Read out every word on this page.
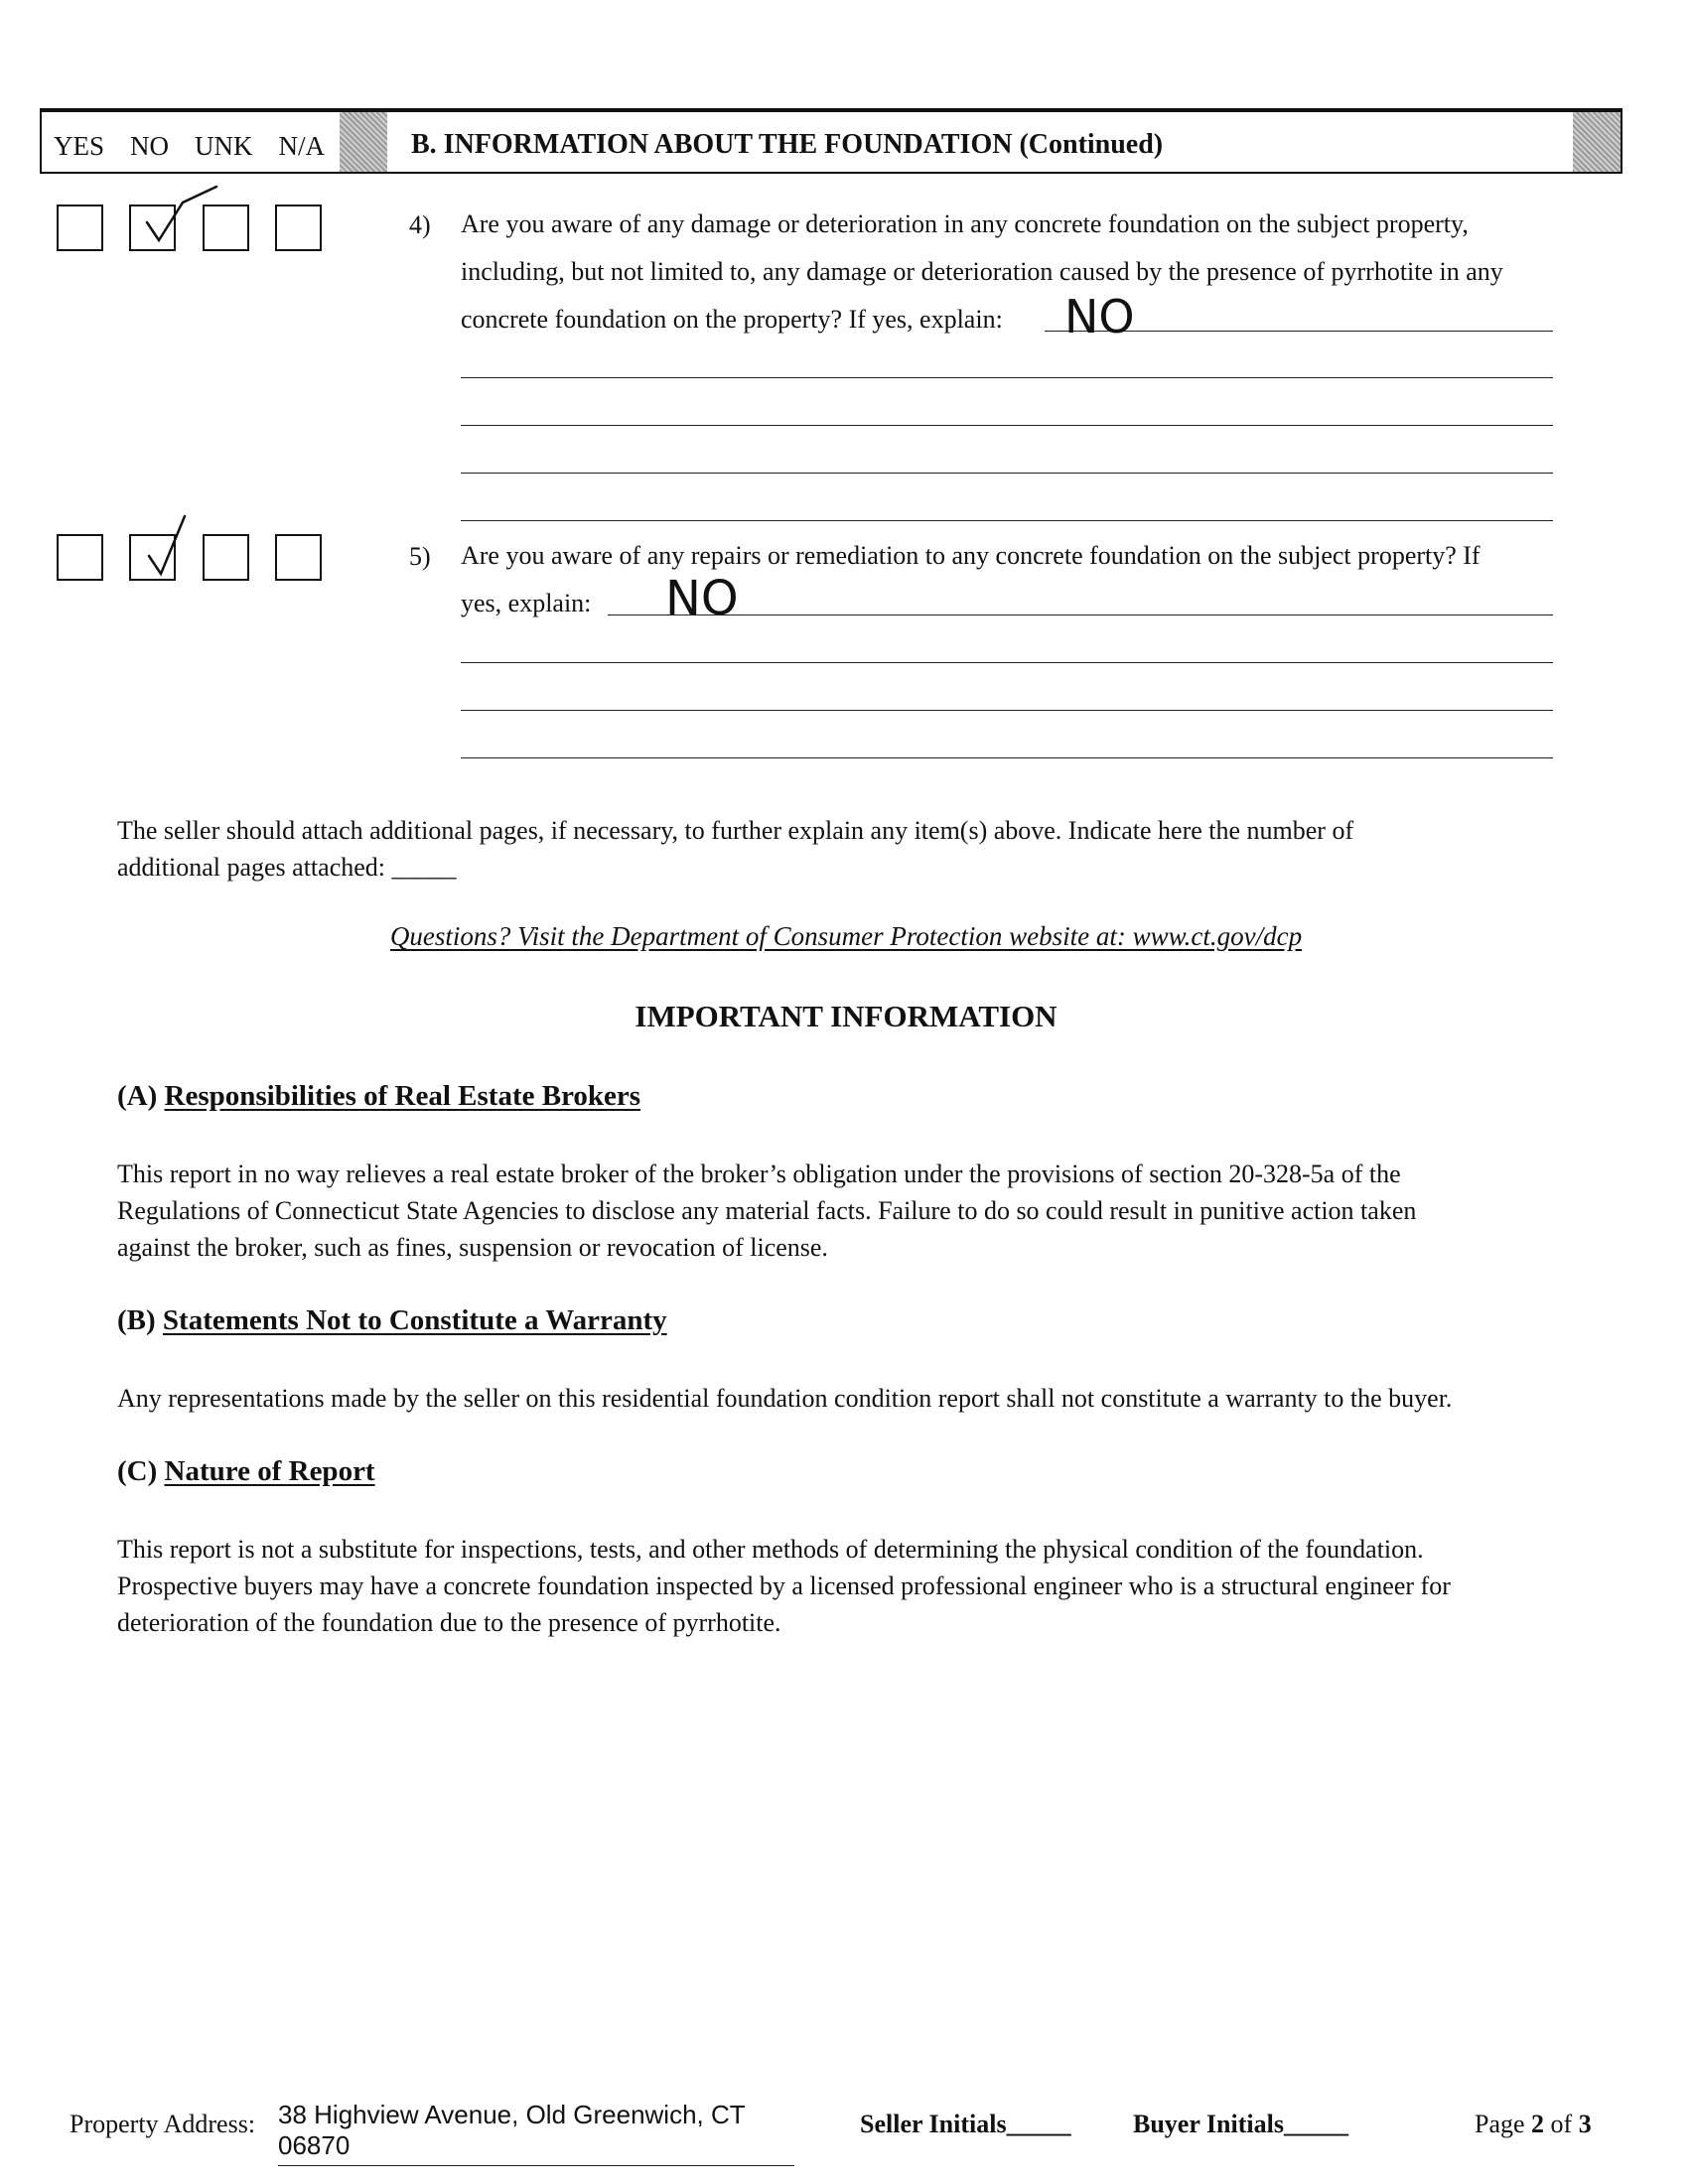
YES NO UNK N/A	B. INFORMATION ABOUT THE FOUNDATION (Continued)
4) Are you aware of any damage or deterioration in any concrete foundation on the subject property,
including, but not limited to, any damage or deterioration caused by the presence of pyrrhotite in any
concrete foundation on the property? If yes, explain: NO
5) Are you aware of any repairs or remediation to any concrete foundation on the subject property? If
yes, explain: NO
The seller should attach additional pages, if necessary, to further explain any item(s) above. Indicate here the number of
additional pages attached: _____
Questions? Visit the Department of Consumer Protection website at: www.ct.gov/dcp
IMPORTANT INFORMATION
(A) Responsibilities of Real Estate Brokers
This report in no way relieves a real estate broker of the broker’s obligation under the provisions of section 20-328-5a of the
Regulations of Connecticut State Agencies to disclose any material facts. Failure to do so could result in punitive action taken
against the broker, such as fines, suspension or revocation of license.
(B) Statements Not to Constitute a Warranty
Any representations made by the seller on this residential foundation condition report shall not constitute a warranty to the buyer.
(C) Nature of Report
This report is not a substitute for inspections, tests, and other methods of determining the physical condition of the foundation.
Prospective buyers may have a concrete foundation inspected by a licensed professional engineer who is a structural engineer for
deterioration of the foundation due to the presence of pyrrhotite.
Property Address: 38 Highview Avenue, Old Greenwich, CT 06870
Seller Initials_____ Buyer Initials_____	Page 2 of 3
